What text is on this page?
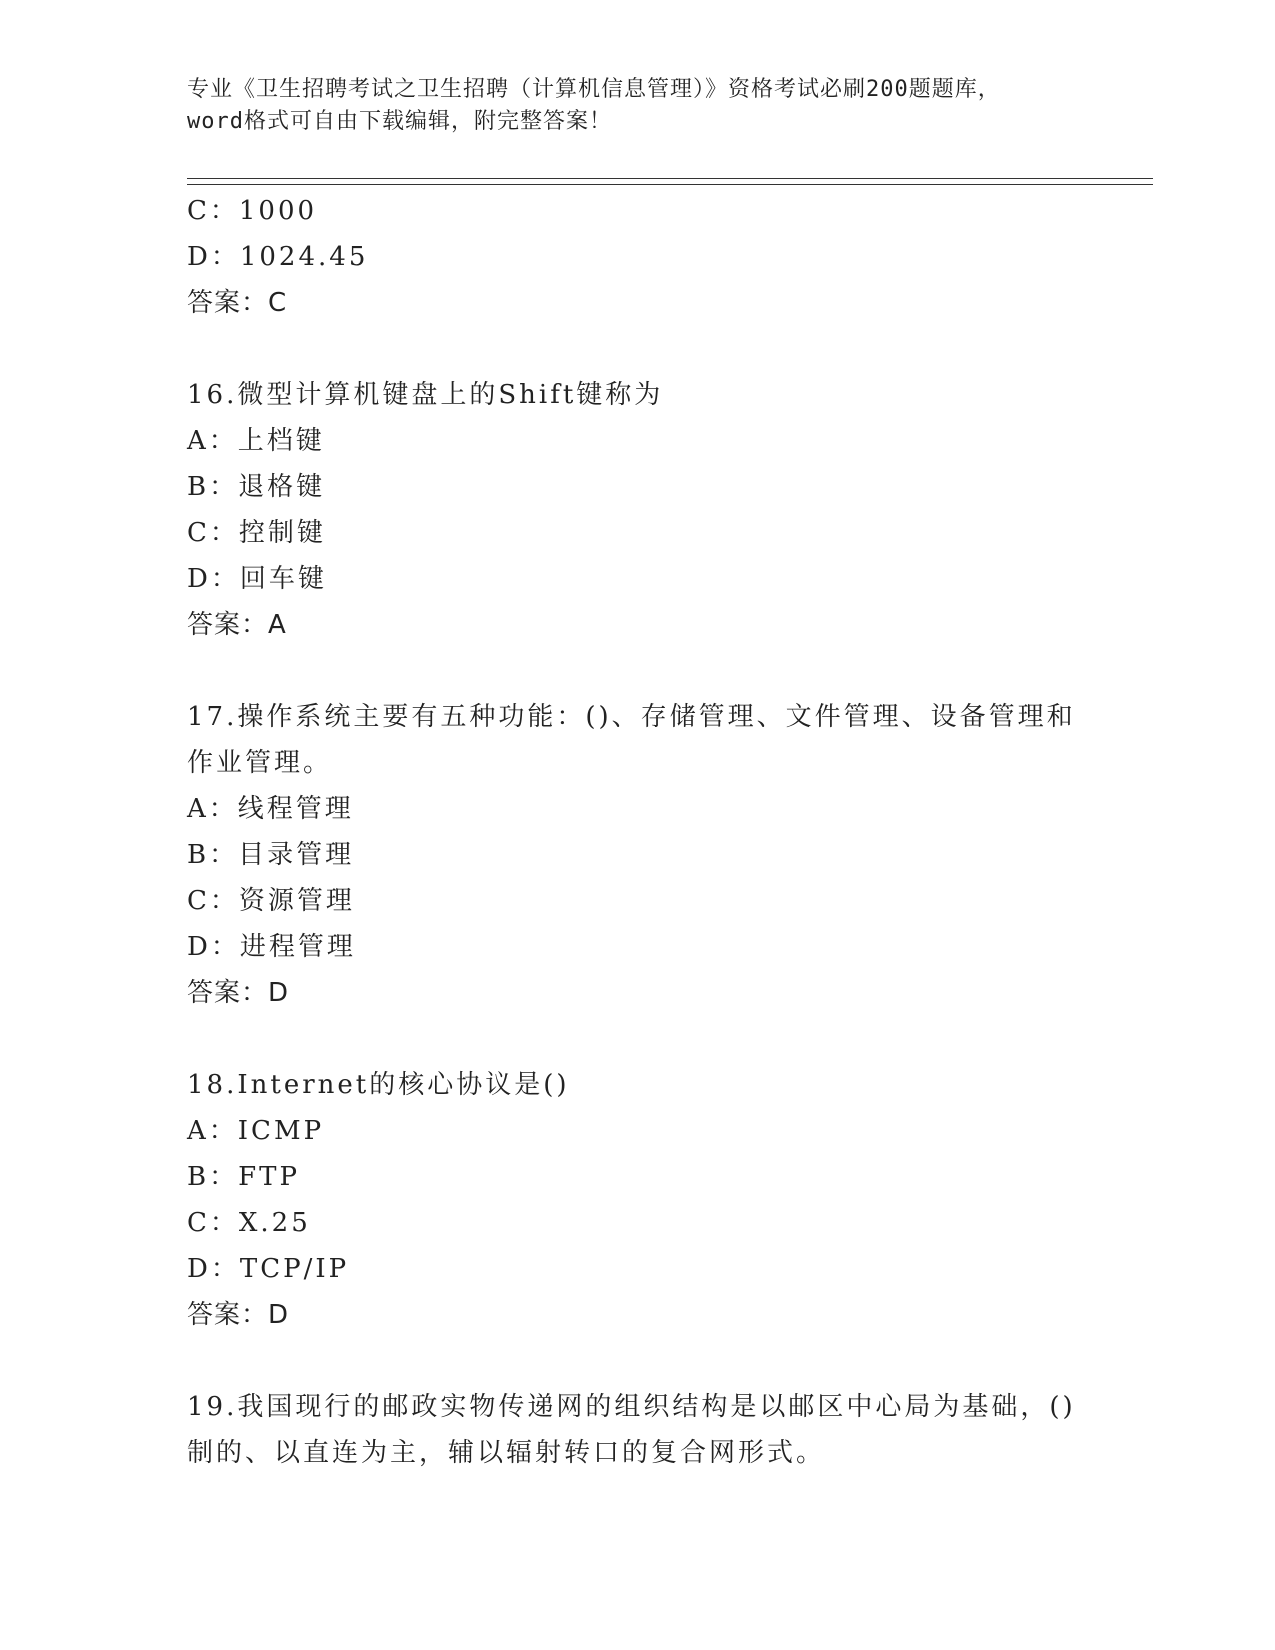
专业《卫生招聘考试之卫生招聘（计算机信息管理）》资格考试必刷200题题库，
word格式可自由下载编辑，附完整答案！
C：1000
D：1024.45
答案：C
16.微型计算机键盘上的Shift键称为
A：上档键
B：退格键
C：控制键
D：回车键
答案：A
17.操作系统主要有五种功能：()、存储管理、文件管理、设备管理和
作业管理。
A：线程管理
B：目录管理
C：资源管理
D：进程管理
答案：D
18.Internet的核心协议是()
A：ICMP
B：FTP
C：X.25
D：TCP/IP
答案：D
19.我国现行的邮政实物传递网的组织结构是以邮区中心局为基础，()
制的、以直连为主，辅以辐射转口的复合网形式。
